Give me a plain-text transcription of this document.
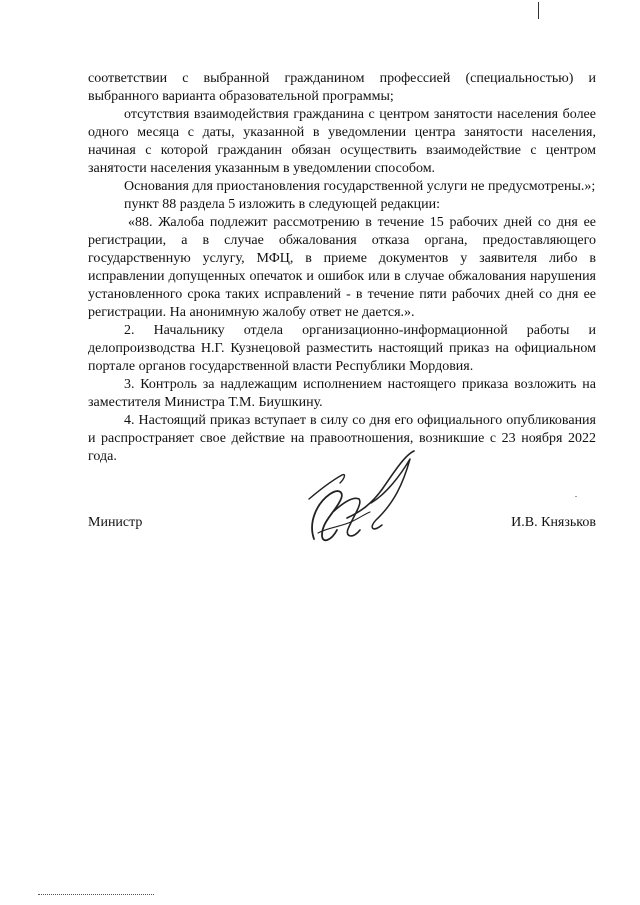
соответствии с выбранной гражданином профессией (специальностью) и выбранного варианта образовательной программы;

отсутствия взаимодействия гражданина с центром занятости населения более одного месяца с даты, указанной в уведомлении центра занятости населения, начиная с которой гражданин обязан осуществить взаимодействие с центром занятости населения указанным в уведомлении способом.

Основания для приостановления государственной услуги не предусмотрены.»;

пункт 88 раздела 5 изложить в следующей редакции:

«88. Жалоба подлежит рассмотрению в течение 15 рабочих дней со дня ее регистрации, а в случае обжалования отказа органа, предоставляющего государственную услугу, МФЦ, в приеме документов у заявителя либо в исправлении допущенных опечаток и ошибок или в случае обжалования нарушения установленного срока таких исправлений - в течение пяти рабочих дней со дня ее регистрации. На анонимную жалобу ответ не дается.».

2. Начальнику отдела организационно-информационной работы и делопроизводства Н.Г. Кузнецовой разместить настоящий приказ на официальном портале органов государственной власти Республики Мордовия.

3. Контроль за надлежащим исполнением настоящего приказа возложить на заместителя Министра Т.М. Биушкину.

4. Настоящий приказ вступает в силу со дня его официального опубликования и распространяет свое действие на правоотношения, возникшие с 23 ноября 2022 года.

Министр	И.В. Князьков
